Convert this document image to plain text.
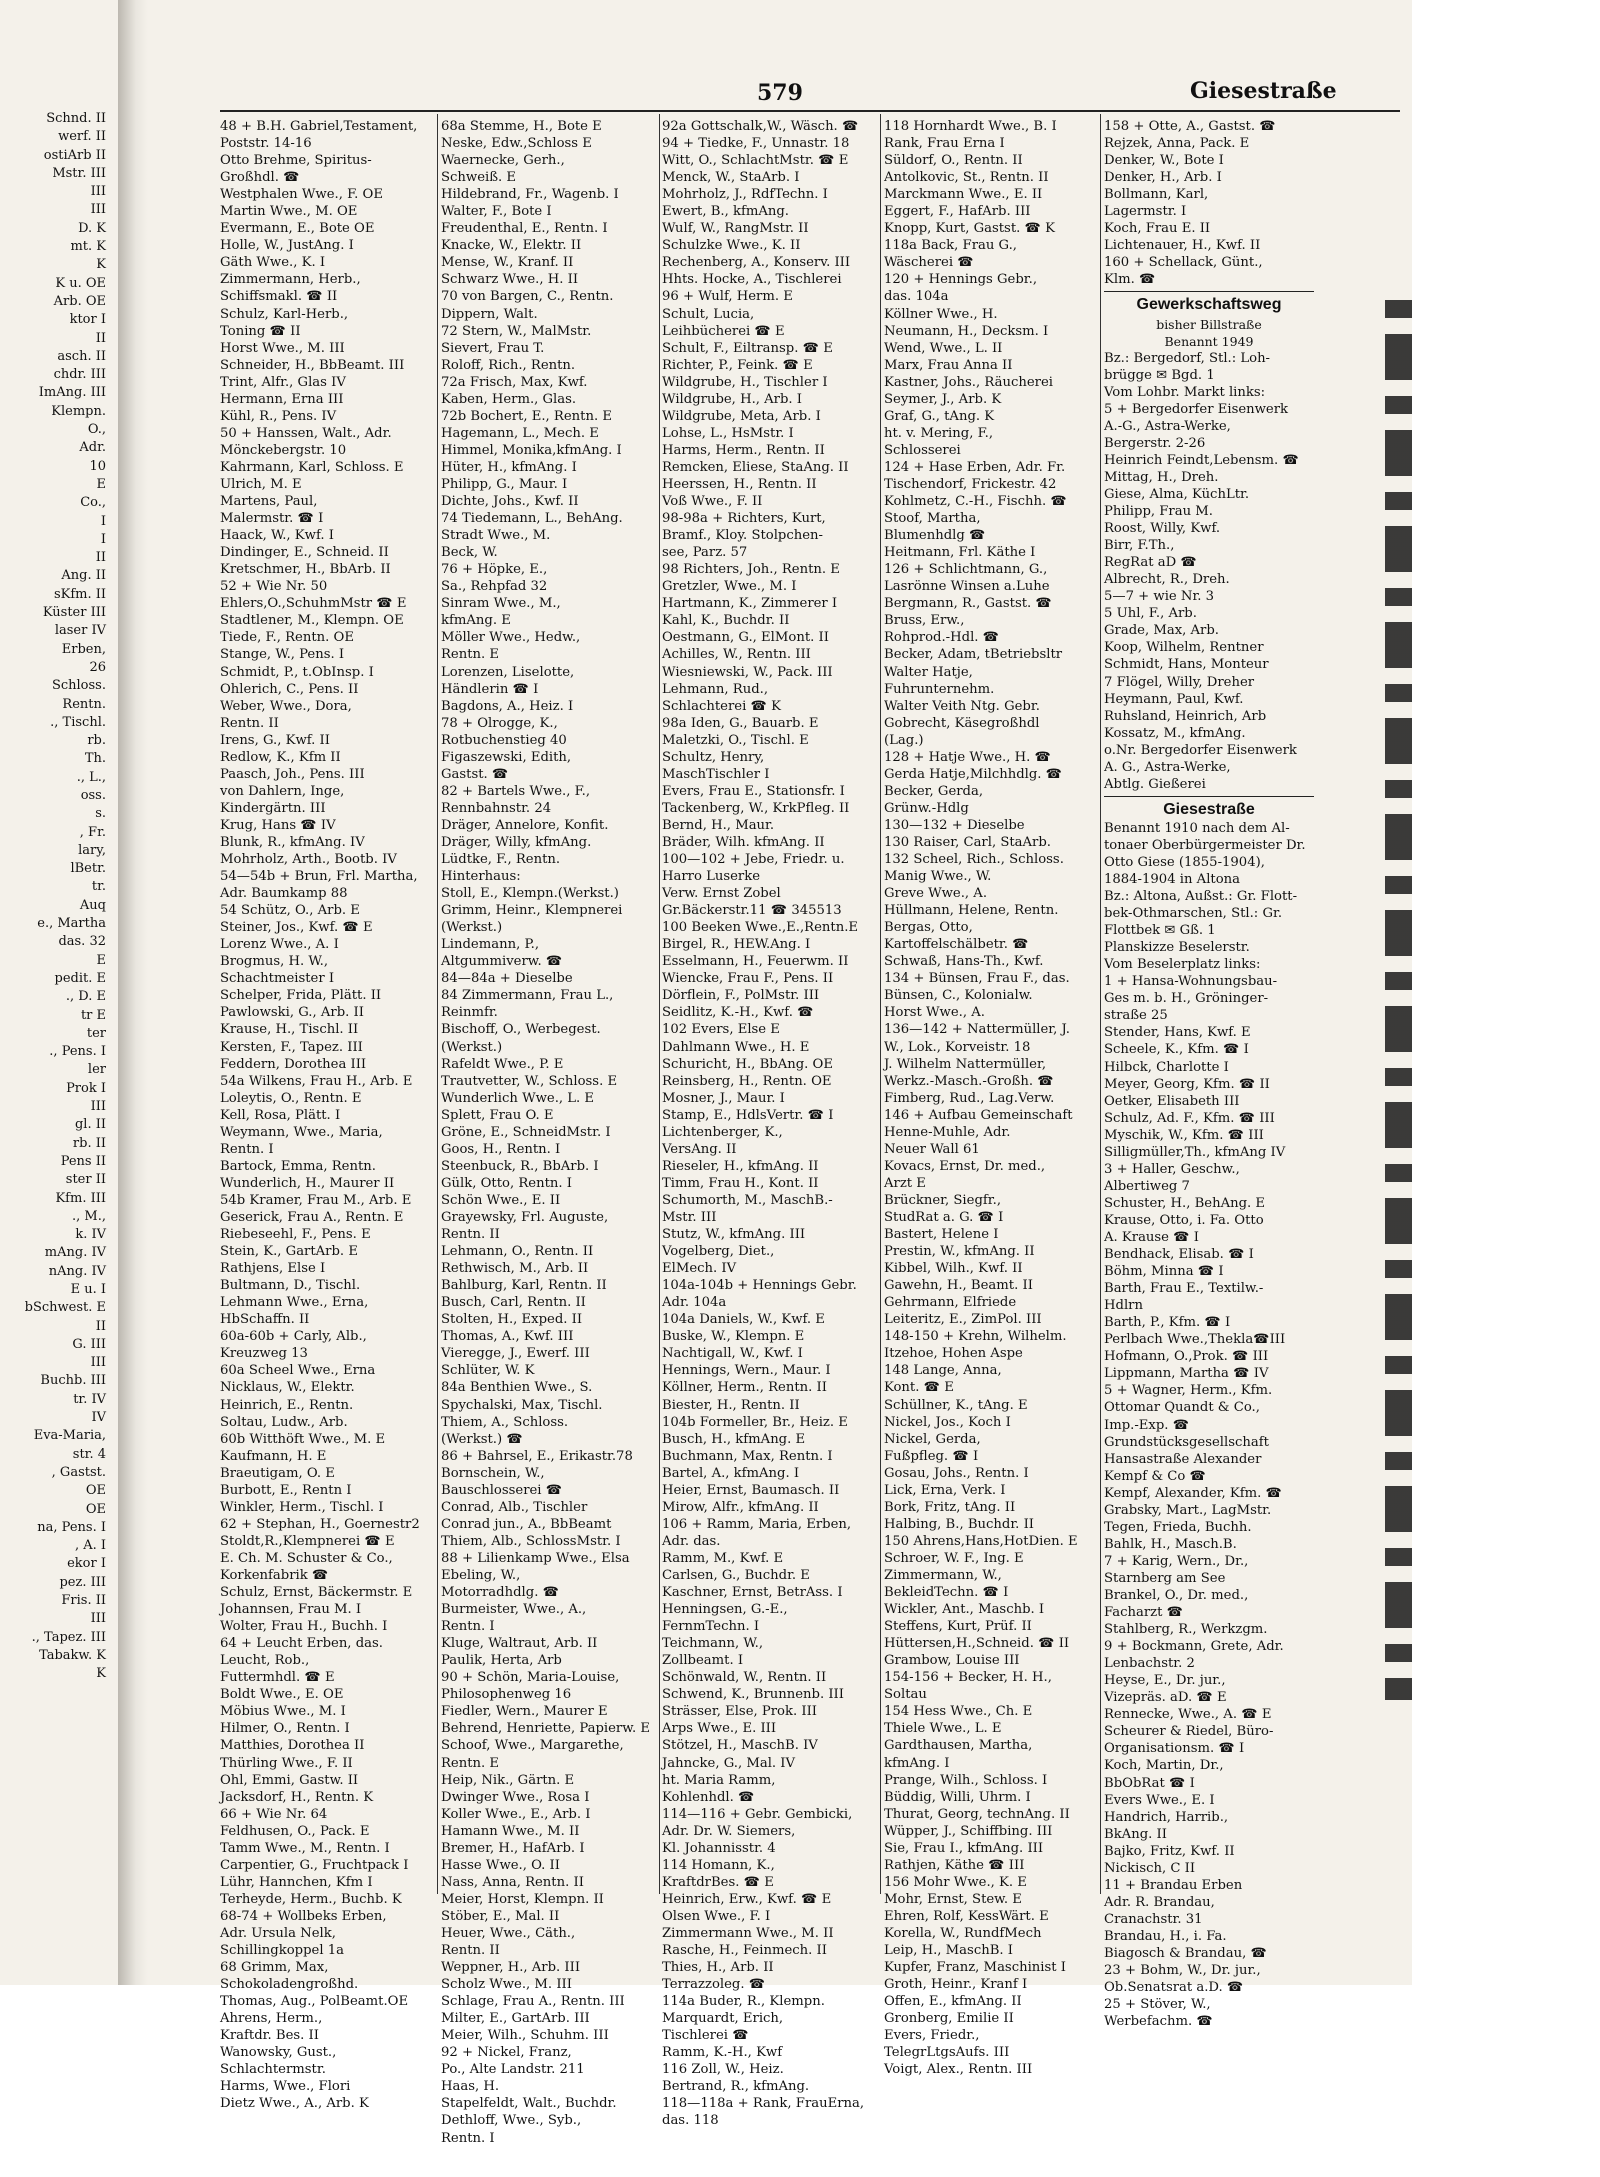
Schnd. II
werf. II
ostiArb II
Mstr. III
III
III
D. K
mt. K
K
K u. OE
Arb. OE
ktor I
II
asch. II
chdr. III
ImAng. III
Klempn.
O.,
Adr.
10
E
Co.,
I
I
II
Ang. II
sKfm. II
Küster III
laser IV
Erben,
26
Schloss.
Rentn.
., Tischl.
rb.
Th.
., L.,
oss.
s.
, Fr.
lary,
lBetr.
tr.
Auq
e., Martha
das. 32
E
pedit. E
., D. E
tr E
ter
., Pens. I
ler
Prok I
III
gl. II
rb. II
Pens II
ster II
Kfm. III
., M.,
k. IV
mAng. IV
nAng. IV
E u. I
bSchwest. E
II
G. III
III
Buchb. III
tr. IV
IV
Eva-Maria,
str. 4
, Gastst.
OE
OE
na, Pens. I
, A. I
ekor I
pez. III
Fris. II
III
., Tapez. III
Tabakw. K
K
579	Giesestraße
48 + B.H. Gabriel,Testament,
Poststr. 14-16
Otto Brehme, Spiritus-
Großhdl. ☎
Westphalen Wwe., F. OE
Martin Wwe., M. OE
Evermann, E., Bote OE
Holle, W., JustAng. I
Gäth Wwe., K. I
Zimmermann, Herb.,
Schiffsmakl. ☎ II
Schulz, Karl-Herb.,
Toning ☎ II
Horst Wwe., M. III
Schneider, H., BbBeamt. III
Trint, Alfr., Glas IV
Hermann, Erna III
Kühl, R., Pens. IV
50 + Hanssen, Walt., Adr.
Mönckebergstr. 10
Kahrmann, Karl, Schloss. E
Ulrich, M. E
Martens, Paul,
Malermstr. ☎ I
Haack, W., Kwf. I
Dindinger, E., Schneid. II
Kretschmer, H., BbArb. II
52 + Wie Nr. 50
Ehlers,O.,SchuhmMstr ☎ E
Stadtlener, M., Klempn. OE
Tiede, F., Rentn. OE
Stange, W., Pens. I
Schmidt, P., t.ObInsp. I
Ohlerich, C., Pens. II
Weber, Wwe., Dora,
Rentn. II
Irens, G., Kwf. II
Redlow, K., Kfm II
Paasch, Joh., Pens. III
von Dahlern, Inge,
Kindergärtn. III
Krug, Hans ☎ IV
Blunk, R., kfmAng. IV
Mohrholz, Arth., Bootb. IV
54—54b + Brun, Frl. Martha,
Adr. Baumkamp 88
54 Schütz, O., Arb. E
Steiner, Jos., Kwf. ☎ E
Lorenz Wwe., A. I
Brogmus, H. W.,
Schachtmeister I
Schelper, Frida, Plätt. II
Pawlowski, G., Arb. II
Krause, H., Tischl. II
Kersten, F., Tapez. III
Feddern, Dorothea III
54a Wilkens, Frau H., Arb. E
Loleytis, O., Rentn. E
Kell, Rosa, Plätt. I
Weymann, Wwe., Maria,
Rentn. I
Bartock, Emma, Rentn.
Wunderlich, H., Maurer II
54b Kramer, Frau M., Arb. E
Geserick, Frau A., Rentn. E
Riebeseehl, F., Pens. E
Stein, K., GartArb. E
Rathjens, Else I
Bultmann, D., Tischl.
Lehmann Wwe., Erna,
HbSchaffn. II
60a-60b + Carly, Alb.,
Kreuzweg 13
60a Scheel Wwe., Erna
Nicklaus, W., Elektr.
Heinrich, E., Rentn.
Soltau, Ludw., Arb.
60b Witthöft Wwe., M. E
Kaufmann, H. E
Braeutigam, O. E
Burbott, E., Rentn I
Winkler, Herm., Tischl. I
62 + Stephan, H., Goernestr2
Stoldt,R.,Klempnerei ☎ E
E. Ch. M. Schuster & Co.,
Korkenfabrik ☎
Schulz, Ernst, Bäckermstr. E
Johannsen, Frau M. I
Wolter, Frau H., Buchh. I
64 + Leucht Erben, das.
Leucht, Rob.,
Futtermhdl. ☎ E
Boldt Wwe., E. OE
Möbius Wwe., M. I
Hilmer, O., Rentn. I
Matthies, Dorothea II
Thürling Wwe., F. II
Ohl, Emmi, Gastw. II
Jacksdorf, H., Rentn. K
66 + Wie Nr. 64
Feldhusen, O., Pack. E
Tamm Wwe., M., Rentn. I
Carpentier, G., Fruchtpack I
Lühr, Hannchen, Kfm I
Terheyde, Herm., Buchb. K
68-74 + Wollbeks Erben,
Adr. Ursula Nelk,
Schillingkoppel 1a
68 Grimm, Max,
Schokoladengroßhd.
Thomas, Aug., PolBeamt.OE
Ahrens, Herm.,
Kraftdr. Bes. II
Wanowsky, Gust.,
Schlachtermstr.
Harms, Wwe., Flori
Dietz Wwe., A., Arb. K
68a Stemme, H., Bote E
Neske, Edw.,Schloss E
Waernecke, Gerh.,
Schweiß. E
Hildebrand, Fr., Wagenb. I
Walter, F., Bote I
Freudenthal, E., Rentn. I
Knacke, W., Elektr. II
Mense, W., Kranf. II
Schwarz Wwe., H. II
70 von Bargen, C., Rentn.
Dippern, Walt.
72 Stern, W., MalMstr.
Sievert, Frau T.
Roloff, Rich., Rentn.
72a Frisch, Max, Kwf.
Kaben, Herm., Glas.
72b Bochert, E., Rentn. E
Hagemann, L., Mech. E
Himmel, Monika,kfmAng. I
Hüter, H., kfmAng. I
Philipp, G., Maur. I
Dichte, Johs., Kwf. II
74 Tiedemann, L., BehAng.
Stradt Wwe., M.
Beck, W.
76 + Höpke, E.,
Sa., Rehpfad 32
Sinram Wwe., M.,
kfmAng. E
Möller Wwe., Hedw.,
Rentn. E
Lorenzen, Liselotte,
Händlerin ☎ I
Bagdons, A., Heiz. I
78 + Olrogge, K.,
Rotbuchenstieg 40
Figaszewski, Edith,
Gastst. ☎
82 + Bartels Wwe., F.,
Rennbahnstr. 24
Dräger, Annelore, Konfit.
Dräger, Willy, kfmAng.
Lüdtke, F., Rentn.
Hinterhaus:
Stoll, E., Klempn.(Werkst.)
Grimm, Heinr., Klempnerei
(Werkst.)
Lindemann, P.,
Altgummiverw. ☎
84—84a + Dieselbe
84 Zimmermann, Frau L.,
Reinmfr.
Bischoff, O., Werbegest.
(Werkst.)
Rafeldt Wwe., P. E
Trautvetter, W., Schloss. E
Wunderlich Wwe., L. E
Splett, Frau O. E
Gröne, E., SchneidMstr. I
Goos, H., Rentn. I
Steenbuck, R., BbArb. I
Gülk, Otto, Rentn. I
Schön Wwe., E. II
Grayewsky, Frl. Auguste,
Rentn. II
Lehmann, O., Rentn. II
Rethwisch, M., Arb. II
Bahlburg, Karl, Rentn. II
Busch, Carl, Rentn. II
Stolten, H., Exped. II
Thomas, A., Kwf. III
Vieregge, J., Ewerf. III
Schlüter, W. K
84a Benthien Wwe., S.
Spychalski, Max, Tischl.
Thiem, A., Schloss.
(Werkst.) ☎
86 + Bahrsel, E., Erikastr.78
Bornschein, W.,
Bauschlosserei ☎
Conrad, Alb., Tischler
Conrad jun., A., BbBeamt
Thiem, Alb., SchlossMstr. I
88 + Lilienkamp Wwe., Elsa
Ebeling, W.,
Motorradhdlg. ☎
Burmeister, Wwe., A.,
Rentn. I
Kluge, Waltraut, Arb. II
Paulik, Herta, Arb
90 + Schön, Maria-Louise,
Philosophenweg 16
Fiedler, Wern., Maurer E
Behrend, Henriette, Papierw. E
Schoof, Wwe., Margarethe,
Rentn. E
Heip, Nik., Gärtn. E
Dwinger Wwe., Rosa I
Koller Wwe., E., Arb. I
Hamann Wwe., M. II
Bremer, H., HafArb. I
Hasse Wwe., O. II
Nass, Anna, Rentn. II
Meier, Horst, Klempn. II
Stöber, E., Mal. II
Heuer, Wwe., Cäth.,
Rentn. II
Weppner, H., Arb. III
Scholz Wwe., M. III
Schlage, Frau A., Rentn. III
Milter, E., GartArb. III
Meier, Wilh., Schuhm. III
92 + Nickel, Franz,
Po., Alte Landstr. 211
Haas, H.
Stapelfeldt, Walt., Buchdr.
Dethloff, Wwe., Syb.,
Rentn. I
92a Gottschalk,W., Wäsch. ☎
94 + Tiedke, F., Unnastr. 18
Witt, O., SchlachtMstr. ☎ E
Menck, W., StaArb. I
Mohrholz, J., RdfTechn. I
Ewert, B., kfmAng.
Wulf, W., RangMstr. II
Schulzke Wwe., K. II
Rechenberg, A., Konserv. III
Hhts. Hocke, A., Tischlerei
96 + Wulf, Herm. E
Schult, Lucia,
Leihbücherei ☎ E
Schult, F., Eiltransp. ☎ E
Richter, P., Feink. ☎ E
Wildgrube, H., Tischler I
Wildgrube, H., Arb. I
Wildgrube, Meta, Arb. I
Lohse, L., HsMstr. I
Harms, Herm., Rentn. II
Remcken, Eliese, StaAng. II
Heerssen, H., Rentn. II
Voß Wwe., F. II
98-98a + Richters, Kurt,
Bramf., Kloy. Stolpchen-
see, Parz. 57
98 Richters, Joh., Rentn. E
Gretzler, Wwe., M. I
Hartmann, K., Zimmerer I
Kahl, K., Buchdr. II
Oestmann, G., ElMont. II
Achilles, W., Rentn. III
Wiesniewski, W., Pack. III
Lehmann, Rud.,
Schlachterei ☎ K
98a Iden, G., Bauarb. E
Maletzki, O., Tischl. E
Schultz, Henry,
MaschTischler I
Evers, Frau E., Stationsfr. I
Tackenberg, W., KrkPfleg. II
Bernd, H., Maur.
Bräder, Wilh. kfmAng. II
100—102 + Jebe, Friedr. u.
Harro Luserke
Verw. Ernst Zobel
Gr.Bäckerstr.11 ☎ 345513
100 Beeken Wwe.,E.,Rentn.E
Birgel, R., HEW.Ang. I
Esselmann, H., Feuerwm. II
Wiencke, Frau F., Pens. II
Dörflein, F., PolMstr. III
Seidlitz, K.-H., Kwf. ☎
102 Evers, Else E
Dahlmann Wwe., H. E
Schuricht, H., BbAng. OE
Reinsberg, H., Rentn. OE
Mosner, J., Maur. I
Stamp, E., HdlsVertr. ☎ I
Lichtenberger, K.,
VersAng. II
Rieseler, H., kfmAng. II
Timm, Frau H., Kont. II
Schumorth, M., MaschB.-
Mstr. III
Stutz, W., kfmAng. III
Vogelberg, Diet.,
ElMech. IV
104a-104b + Hennings Gebr.
Adr. 104a
104a Daniels, W., Kwf. E
Buske, W., Klempn. E
Nachtigall, W., Kwf. I
Hennings, Wern., Maur. I
Köllner, Herm., Rentn. II
Biester, H., Rentn. II
104b Formeller, Br., Heiz. E
Busch, H., kfmAng. E
Buchmann, Max, Rentn. I
Bartel, A., kfmAng. I
Heier, Ernst, Baumasch. II
Mirow, Alfr., kfmAng. II
106 + Ramm, Maria, Erben,
Adr. das.
Ramm, M., Kwf. E
Carlsen, G., Buchdr. E
Kaschner, Ernst, BetrAss. I
Henningsen, G.-E.,
FernmTechn. I
Teichmann, W.,
Zollbeamt. I
Schönwald, W., Rentn. II
Schwend, K., Brunnenb. III
Strässer, Else, Prok. III
Arps Wwe., E. III
Stötzel, H., MaschB. IV
Jahncke, G., Mal. IV
ht. Maria Ramm,
Kohlenhdl. ☎
114—116 + Gebr. Gembicki,
Adr. Dr. W. Siemers,
Kl. Johannisstr. 4
114 Homann, K.,
KraftdrBes. ☎ E
Heinrich, Erw., Kwf. ☎ E
Olsen Wwe., F. I
Zimmermann Wwe., M. II
Rasche, H., Feinmech. II
Thies, H., Arb. II
Terrazzoleg. ☎
114a Buder, R., Klempn.
Marquardt, Erich,
Tischlerei ☎
Ramm, K.-H., Kwf
116 Zoll, W., Heiz.
Bertrand, R., kfmAng.
118—118a + Rank, FrauErna,
das. 118
118 Hornhardt Wwe., B. I
Rank, Frau Erna I
Süldorf, O., Rentn. II
Antolkovic, St., Rentn. II
Marckmann Wwe., E. II
Eggert, F., HafArb. III
Knopp, Kurt, Gastst. ☎ K
118a Back, Frau G.,
Wäscherei ☎
120 + Hennings Gebr.,
das. 104a
Köllner Wwe., H.
Neumann, H., Decksm. I
Wend, Wwe., L. II
Marx, Frau Anna II
Kastner, Johs., Räucherei
Seymer, J., Arb. K
Graf, G., tAng. K
ht. v. Mering, F.,
Schlosserei
124 + Hase Erben, Adr. Fr.
Tischendorf, Frickestr. 42
Kohlmetz, C.-H., Fischh. ☎
Stoof, Martha,
Blumenhdlg ☎
Heitmann, Frl. Käthe I
126 + Schlichtmann, G.,
Lasrönne Winsen a.Luhe
Bergmann, R., Gastst. ☎
Bruss, Erw.,
Rohprod.-Hdl. ☎
Becker, Adam, tBetriebsltr
Walter Hatje,
Fuhrunternehm.
Walter Veith Ntg. Gebr.
Gobrecht, Käsegroßhdl
(Lag.)
128 + Hatje Wwe., H. ☎
Gerda Hatje,Milchhdlg. ☎
Becker, Gerda,
Grünw.-Hdlg
130—132 + Dieselbe
130 Raiser, Carl, StaArb.
132 Scheel, Rich., Schloss.
Manig Wwe., W.
Greve Wwe., A.
Hüllmann, Helene, Rentn.
Bergas, Otto,
Kartoffelschälbetr. ☎
Schwaß, Hans-Th., Kwf.
134 + Bünsen, Frau F., das.
Bünsen, C., Kolonialw.
Horst Wwe., A.
136—142 + Nattermüller, J.
W., Lok., Korveistr. 18
J. Wilhelm Nattermüller,
Werkz.-Masch.-Großh. ☎
Fimberg, Rud., Lag.Verw.
146 + Aufbau Gemeinschaft
Henne-Muhle, Adr.
Neuer Wall 61
Kovacs, Ernst, Dr. med.,
Arzt E
Brückner, Siegfr.,
StudRat a. G. ☎ I
Bastert, Helene I
Prestin, W., kfmAng. II
Kibbel, Wilh., Kwf. II
Gawehn, H., Beamt. II
Gehrmann, Elfriede
Leiteritz, E., ZimPol. III
148-150 + Krehn, Wilhelm.
Itzehoe, Hohen Aspe
148 Lange, Anna,
Kont. ☎ E
Schüllner, K., tAng. E
Nickel, Jos., Koch I
Nickel, Gerda,
Fußpfleg. ☎ I
Gosau, Johs., Rentn. I
Lick, Erna, Verk. I
Bork, Fritz, tAng. II
Halbing, B., Buchdr. II
150 Ahrens,Hans,HotDien. E
Schroer, W. F., Ing. E
Zimmermann, W.,
BekleidTechn. ☎ I
Wickler, Ant., Maschb. I
Steffens, Kurt, Prüf. II
Hüttersen,H.,Schneid. ☎ II
Grambow, Louise III
154-156 + Becker, H. H.,
Soltau
154 Hess Wwe., Ch. E
Thiele Wwe., L. E
Gardthausen, Martha,
kfmAng. I
Prange, Wilh., Schloss. I
Büddig, Willi, Uhrm. I
Thurat, Georg, technAng. II
Wüpper, J., Schiffbing. III
Sie, Frau I., kfmAng. III
Rathjen, Käthe ☎ III
156 Mohr Wwe., K. E
Mohr, Ernst, Stew. E
Ehren, Rolf, KessWärt. E
Korella, W., RundfMech
Leip, H., MaschB. I
Kupfer, Franz, Maschinist I
Groth, Heinr., Kranf I
Offen, E., kfmAng. II
Gronberg, Emilie II
Evers, Friedr.,
TelegrLtgsAufs. III
Voigt, Alex., Rentn. III
158 + Otte, A., Gastst. ☎
Rejzek, Anna, Pack. E
Denker, W., Bote I
Denker, H., Arb. I
Bollmann, Karl,
Lagermstr. I
Koch, Frau E. II
Lichtenauer, H., Kwf. II
160 + Schellack, Günt.,
Klm. ☎
Gewerkschaftsweg
bisher Billstraße
Benannt 1949
Bz.: Bergedorf, Stl.: Loh-
brügge ✉ Bgd. 1
Vom Lohbr. Markt links:
5 + Bergedorfer Eisenwerk
A.-G., Astra-Werke,
Bergerstr. 2-26
Heinrich Feindt,Lebensm. ☎
Mittag, H., Dreh.
Giese, Alma, KüchLtr.
Philipp, Frau M.
Roost, Willy, Kwf.
Birr, F.Th.,
RegRat aD ☎
Albrecht, R., Dreh.
5—7 + wie Nr. 3
5 Uhl, F., Arb.
Grade, Max, Arb.
Koop, Wilhelm, Rentner
Schmidt, Hans, Monteur
7 Flögel, Willy, Dreher
Heymann, Paul, Kwf.
Ruhsland, Heinrich, Arb
Kossatz, M., kfmAng.
o.Nr. Bergedorfer Eisenwerk
A. G., Astra-Werke,
Abtlg. Gießerei
Giesestraße
Benannt 1910 nach dem Al-
tonaer Oberbürgermeister Dr.
Otto Giese (1855-1904),
1884-1904 in Altona
Bz.: Altona, Außst.: Gr. Flott-
bek-Othmarschen, Stl.: Gr.
Flottbek ✉ Gß. 1
Planskizze Beselerstr.
Vom Beselerplatz links:
1 + Hansa-Wohnungsbau-
Ges m. b. H., Gröninger-
straße 25
Stender, Hans, Kwf. E
Scheele, K., Kfm. ☎ I
Hilbck, Charlotte I
Meyer, Georg, Kfm. ☎ II
Oetker, Elisabeth III
Schulz, Ad. F., Kfm. ☎ III
Myschik, W., Kfm. ☎ III
Silligmüller,Th., kfmAng IV
3 + Haller, Geschw.,
Albertiweg 7
Schuster, H., BehAng. E
Krause, Otto, i. Fa. Otto
A. Krause ☎ I
Bendhack, Elisab. ☎ I
Böhm, Minna ☎ I
Barth, Frau E., Textilw.-
Hdlrn
Barth, P., Kfm. ☎ I
Perlbach Wwe.,Thekla☎III
Hofmann, O.,Prok. ☎ III
Lippmann, Martha ☎ IV
5 + Wagner, Herm., Kfm.
Ottomar Quandt & Co.,
Imp.-Exp. ☎
Grundstücksgesellschaft
Hansastraße Alexander
Kempf & Co ☎
Kempf, Alexander, Kfm. ☎
Grabsky, Mart., LagMstr.
Tegen, Frieda, Buchh.
Bahlk, H., Masch.B.
7 + Karig, Wern., Dr.,
Starnberg am See
Brankel, O., Dr. med.,
Facharzt ☎
Stahlberg, R., Werkzgm.
9 + Bockmann, Grete, Adr.
Lenbachstr. 2
Heyse, E., Dr. jur.,
Vizepräs. aD. ☎ E
Rennecke, Wwe., A. ☎ E
Scheurer & Riedel, Büro-
Organisationsm. ☎ I
Koch, Martin, Dr.,
BbObRat ☎ I
Evers Wwe., E. I
Handrich, Harrib.,
BkAng. II
Bajko, Fritz, Kwf. II
Nickisch, C II
11 + Brandau Erben
Adr. R. Brandau,
Cranachstr. 31
Brandau, H., i. Fa.
Biagosch & Brandau, ☎
23 + Bohm, W., Dr. jur.,
Ob.Senatsrat a.D. ☎
25 + Stöver, W.,
Werbefachm. ☎
